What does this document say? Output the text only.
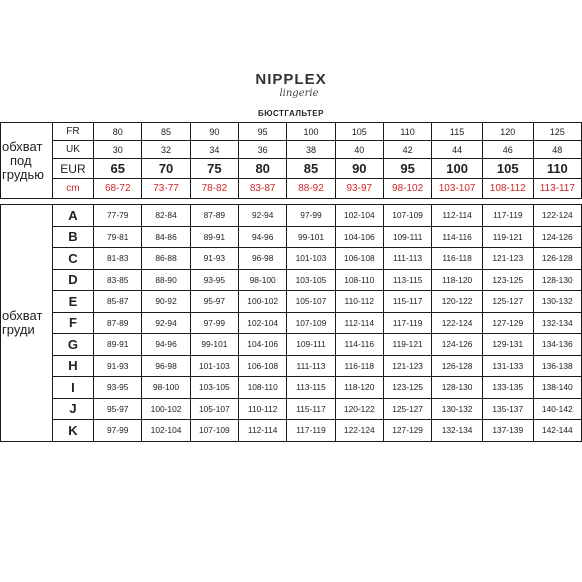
NIPPLEX
lingerie
БЮСТГАЛЬТЕР
обхват
под
грудью	FR	80	85	90	95	100	105	110	115	120	125
	UK	30	32	34	36	38	40	42	44	46	48
	EUR	65	70	75	80	85	90	95	100	105	110
	cm	68-72	73-77	78-82	83-87	88-92	93-97	98-102	103-107	108-112	113-117

обхват
груди	A	77-79	82-84	87-89	92-94	97-99	102-104	107-109	112-114	117-119	122-124
	B	79-81	84-86	89-91	94-96	99-101	104-106	109-111	114-116	119-121	124-126
	C	81-83	86-88	91-93	96-98	101-103	106-108	111-113	116-118	121-123	126-128
	D	83-85	88-90	93-95	98-100	103-105	108-110	113-115	118-120	123-125	128-130
	E	85-87	90-92	95-97	100-102	105-107	110-112	115-117	120-122	125-127	130-132
	F	87-89	92-94	97-99	102-104	107-109	112-114	117-119	122-124	127-129	132-134
	G	89-91	94-96	99-101	104-106	109-111	114-116	119-121	124-126	129-131	134-136
	H	91-93	96-98	101-103	106-108	111-113	116-118	121-123	126-128	131-133	136-138
	I	93-95	98-100	103-105	108-110	113-115	118-120	123-125	128-130	133-135	138-140
	J	95-97	100-102	105-107	110-112	115-117	120-122	125-127	130-132	135-137	140-142
	K	97-99	102-104	107-109	112-114	117-119	122-124	127-129	132-134	137-139	142-144
